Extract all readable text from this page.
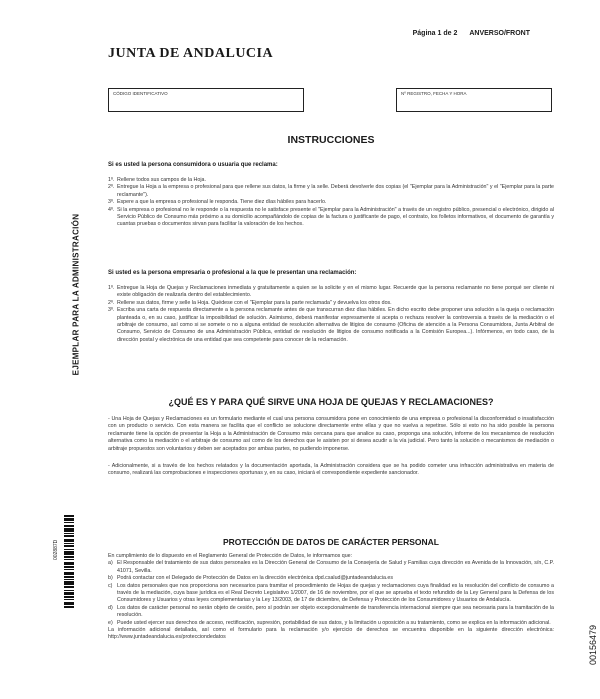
Página 1 de 2 ANVERSO/FRONT
JUNTA DE ANDALUCIA
CÓDIGO IDENTIFICATIVO	Nº REGISTRO, FECHA Y HORA
EJEMPLAR PARA LA ADMINISTRACIÓN
002887D
00156479
INSTRUCCIONES

Si es usted la persona consumidora o usuaria que reclama:

1º. Rellene todos sus campos de la Hoja.
2º. Entregue la Hoja a la empresa o profesional para que rellene sus datos, la firme y la selle. Deberá devolverle dos copias (el "Ejemplar para la Administración" y el "Ejemplar para la parte reclamante").
3º. Espere a que la empresa o profesional le responda. Tiene diez días hábiles para hacerlo.
4º. Si la empresa o profesional no le responde o la respuesta no le satisface presente el "Ejemplar para la Administración" a través de un registro público, presencial o electrónico, dirigido al Servicio Público de Consumo más próximo a su domicilio acompañándolo de copias de la factura o justificante de pago, el contrato, los folletos informativos, el documento de garantía y cuantas pruebas o documentos sirvan para facilitar la valoración de los hechos.

Si usted es la persona empresaria o profesional a la que le presentan una reclamación:

1º. Entregue la Hoja de Quejas y Reclamaciones inmediata y gratuitamente a quien se la solicite y en el mismo lugar. Recuerde que la persona reclamante no tiene porqué ser cliente ni existe obligación de realizarla dentro del establecimiento.
2º. Rellene sus datos, firme y selle la Hoja. Quédese con el "Ejemplar para la parte reclamada" y devuelva los otros dos.
3º. Escriba una carta de respuesta directamente a la persona reclamante antes de que transcurran diez días hábiles. En dicho escrito debe proponer una solución a la queja o reclamación planteada o, en su caso, justificar la imposibilidad de solución. Asimismo, deberá manifestar expresamente si acepta o rechaza resolver la controversia a través de la mediación o el arbitraje de consumo, así como si se somete o no a alguna entidad de resolución alternativa de litigios de consumo (Oficina de atención a la Persona Consumidora, Junta Arbitral de Consumo, Servicio de Consumo de una Administración Pública, entidad de resolución de litigios de consumo notificada a la Comisión Europea...). Infórmenos, en todo caso, de la dirección postal y electrónica de una entidad que sea competente para conocer de la reclamación.
¿QUÉ ES Y PARA QUÉ SIRVE UNA HOJA DE QUEJAS Y RECLAMACIONES?

- Una Hoja de Quejas y Reclamaciones es un formulario mediante el cual una persona consumidora pone en conocimiento de una empresa o profesional la disconformidad o insatisfacción con un producto o servicio. Con esta manera se facilita que el conflicto se solucione directamente entre ellas y que no vuelva a repetirse. Sólo si esto no ha sido posible la persona reclamante tiene la opción de presentar la Hoja a la Administración de Consumo más cercana para que analice su caso, proponga una solución, informe de los mecanismos de resolución alternativa como la mediación o el arbitraje de consumo así como de los derechos que le asisten por si desea acudir a la vía judicial. Pero tanto la solución o mecanismos de mediación o arbitraje propuestos son voluntarios y deben ser aceptados por ambas partes, no pudiendo imponerse.

- Adicionalmente, si a través de los hechos relatados y la documentación aportada, la Administración considera que se ha podido cometer una infracción administrativa en materia de consumo, realizará las comprobaciones e inspecciones oportunas y, en su caso, iniciará el correspondiente expediente sancionador.

PROTECCIÓN DE DATOS DE CARÁCTER PERSONAL

En cumplimiento de lo dispuesto en el Reglamento General de Protección de Datos, le informamos que:

a) El Responsable del tratamiento de sus datos personales es la Dirección General de Consumo de la Consejería de Salud y Familias cuya dirección es Avenida de la Innovación, s/n, C.P. 41071, Sevilla.
b) Podrá contactar con el Delegado de Protección de Datos en la dirección electrónica dpd.csalud@juntadeandalucia.es
c) Los datos personales que nos proporciona son necesarios para tramitar el procedimiento de Hojas de quejas y reclamaciones cuya finalidad es la resolución del conflicto de consumo a través de la mediación, cuya base jurídica es el Real Decreto Legislativo 1/2007, de 16 de noviembre, por el que se aprueba el texto refundido de la Ley General para la Defensa de los Consumidores y Usuarios y otras leyes complementarias y la Ley 13/2003, de 17 de diciembre, de Defensa y Protección de los Consumidores y Usuarios de Andalucía.
d) Los datos de carácter personal no serán objeto de cesión, pero sí podrán ser objeto excepcionalmente de transferencia internacional siempre que sea necesaria para la tramitación de la resolución.
e) Puede usted ejercer sus derechos de acceso, rectificación, supresión, portabilidad de sus datos, y la limitación u oposición a su tratamiento, como se explica en la información adicional.

La información adicional detallada, así como el formulario para la reclamación y/o ejercicio de derechos se encuentra disponible en la siguiente dirección electrónica: http://www.juntadeandalucia.es/protecciondedatos
